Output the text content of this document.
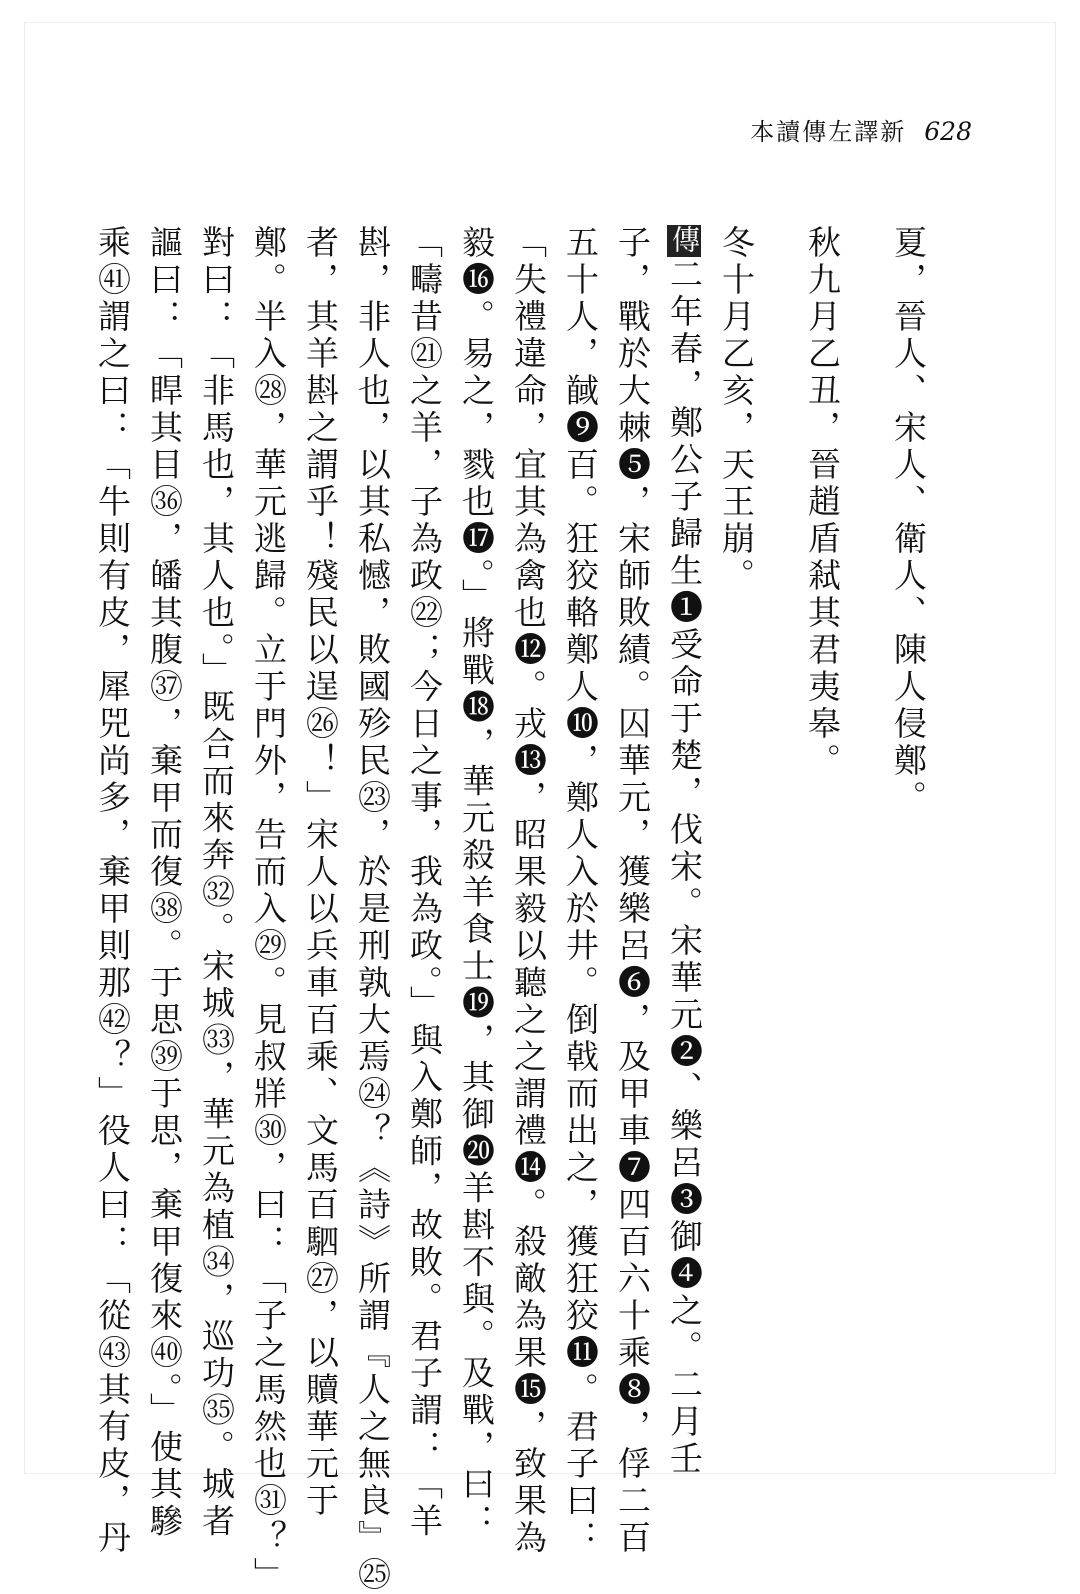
本讀傳左譯新 628
夏，晉人、宋人、衛人、陳人侵鄭。
秋九月乙丑，晉趙盾弒其君夷皋。
冬十月乙亥，天王崩。
傳二年春，鄭公子歸生❶受命于楚，伐宋。宋華元❷、樂呂❸御❹之。二月壬
子，戰於大棘❺，宋師敗績。囚華元，獲樂呂❻，及甲車❼四百六十乘❽，俘二百
五十人，馘❾百。狂狡輅鄭人❿，鄭人入於井。倒戟而出之，獲狂狡⓫。君子曰：
「失禮違命，宜其為禽也⓬。戎⓭，昭果毅以聽之之謂禮⓮。殺敵為果⓯，致果為
毅⓰。易之，戮也⓱。」將戰⓲，華元殺羊食士⓳，其御⓴羊斟不與。及戰，曰：
「疇昔㉑之羊，子為政㉒；今日之事，我為政。」與入鄭師，故敗。君子謂：「羊
斟，非人也，以其私憾，敗國殄民㉓，於是刑孰大焉㉔？《詩》所謂『人之無良』㉕
者，其羊斟之謂乎！殘民以逞㉖！」宋人以兵車百乘、文馬百駟㉗，以贖華元于
鄭。半入㉘，華元逃歸。立于門外，告而入㉙。見叔牂㉚，曰：「子之馬然也㉛？」
對曰：「非馬也，其人也。」既合而來奔㉜。宋城㉝，華元為植㉞，巡功㉟。城者
謳曰：「睅其目㊱，皤其腹㊲，棄甲而復㊳。于思㊴于思，棄甲復來㊵。」使其驂
乘㊶謂之曰：「牛則有皮，犀兕尚多，棄甲則那㊷？」役人曰：「從㊸其有皮，丹
